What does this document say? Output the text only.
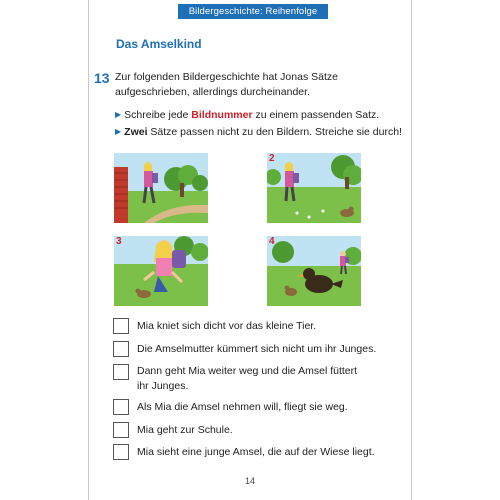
Bildergeschichte: Reihenfolge
Das Amselkind
13 Zur folgenden Bildergeschichte hat Jonas Sätze aufgeschrieben, allerdings durcheinander.
▶ Schreibe jede Bildnummer zu einem passenden Satz.
▶ Zwei Sätze passen nicht zu den Bildern. Streiche sie durch!
2
3	4
Mia kniet sich dicht vor das kleine Tier.
Die Amselmutter kümmert sich nicht um ihr Junges.
Dann geht Mia weiter weg und die Amsel füttert
ihr Junges.
Als Mia die Amsel nehmen will, fliegt sie weg.
Mia geht zur Schule.
Mia sieht eine junge Amsel, die auf der Wiese liegt.
14
